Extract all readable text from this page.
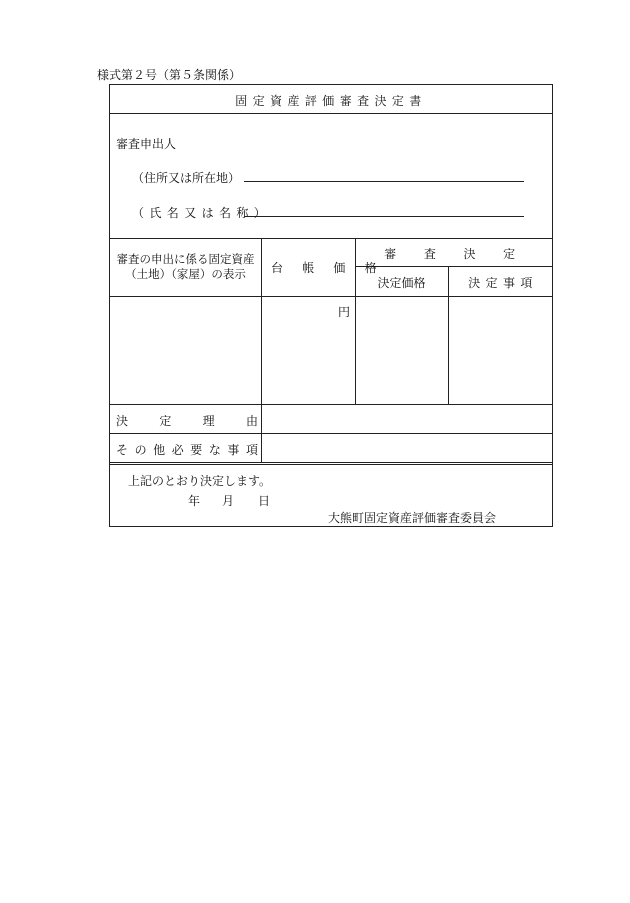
様式第２号（第５条関係）
固定資産評価審査決定書
審査申出人
（住所又は所在地）
（氏名又は名称）
審査の申出に係る固定資産
（土地）（家屋）の表示	台帳価格
審査決定
決定価格	決定事項
円
決定理由
その他必要な事項
上記のとおり決定します。
年 月 日
大熊町固定資産評価審査委員会
